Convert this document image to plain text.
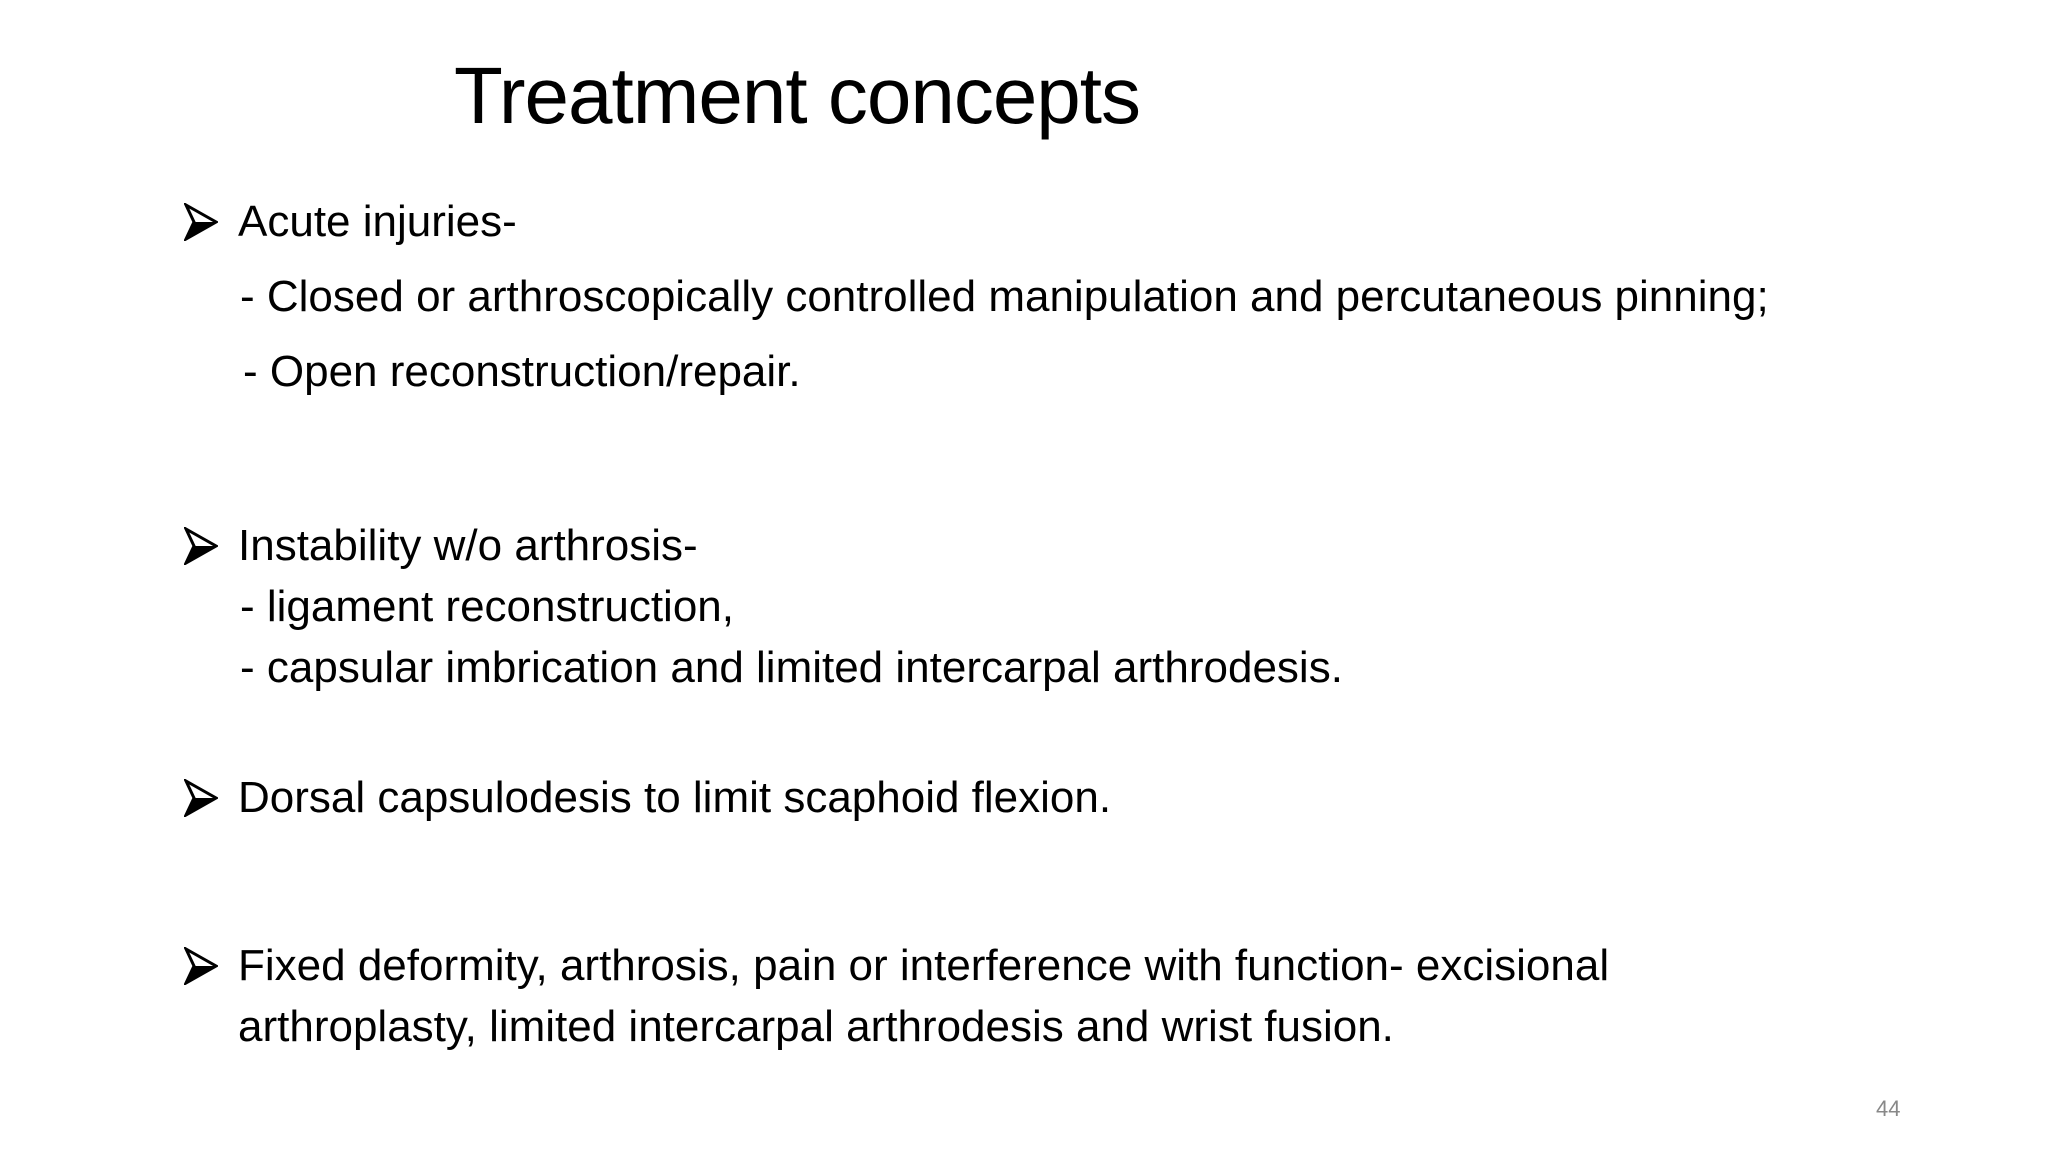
Treatment concepts
Acute injuries-
- Closed or arthroscopically controlled manipulation and percutaneous pinning;
- Open reconstruction/repair.
Instability w/o arthrosis-
- ligament reconstruction,
- capsular imbrication and limited intercarpal arthrodesis.
Dorsal capsulodesis to limit scaphoid flexion.
Fixed deformity, arthrosis, pain or interference with function- excisional
arthroplasty, limited intercarpal arthrodesis and wrist fusion.
44
